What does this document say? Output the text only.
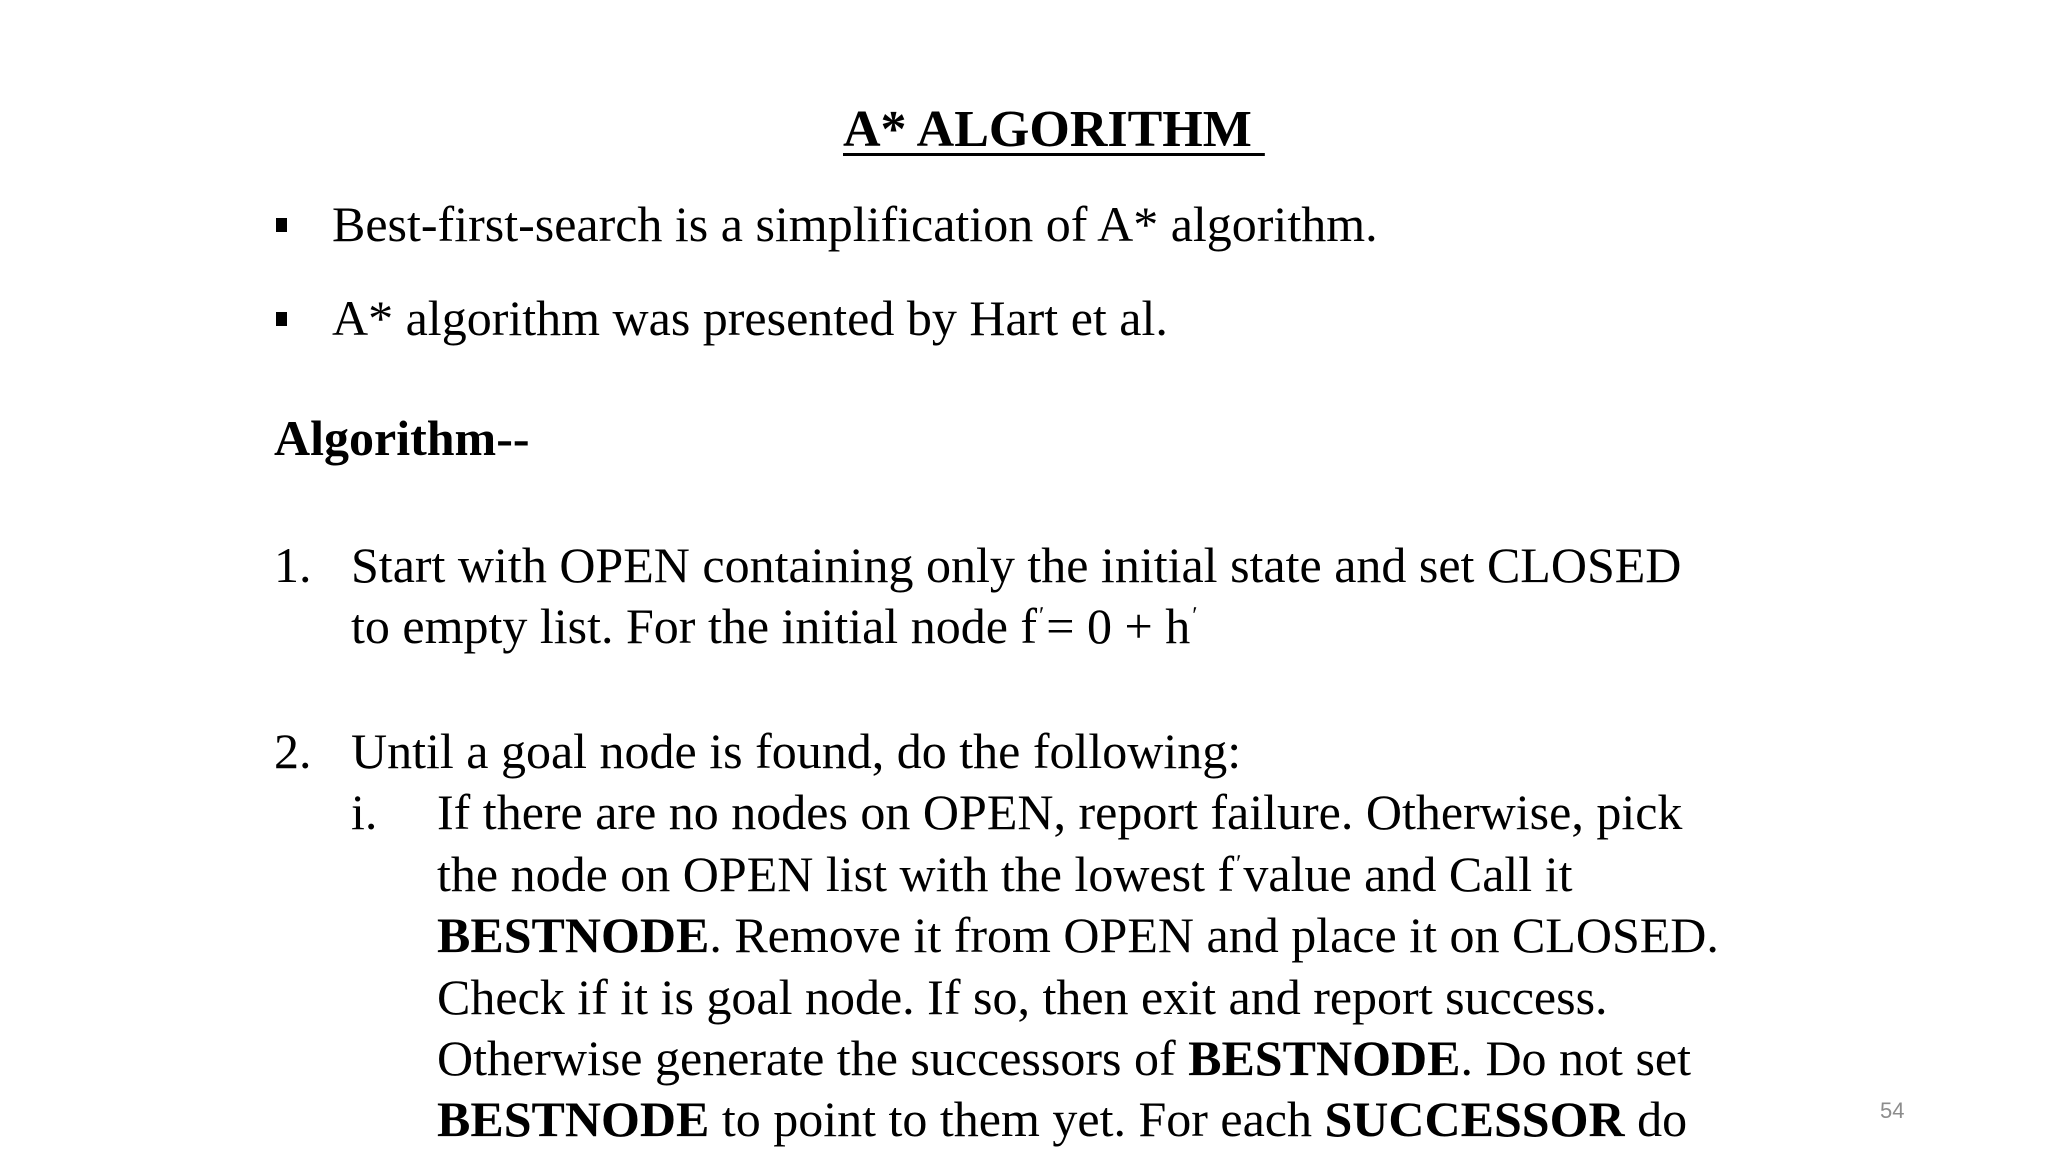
A* ALGORITHM
Best-first-search is a simplification of A* algorithm.
A* algorithm was presented by Hart et al.
Algorithm--
1. Start with OPEN containing only the initial state and set CLOSED
to empty list. For the initial node $f^ʹ= 0 + h^ʹ$
2. Until a goal node is found, do the following:
i. If there are no nodes on OPEN, report failure. Otherwise, pick
the node on OPEN list with the lowest $f^ʹvalue$ and Call it
BESTNODE. Remove it from OPEN and place it on CLOSED.
Check if it is goal node. If so, then exit and report success.
Otherwise generate the successors of BESTNODE. Do not set
BESTNODE to point to them yet. For each SUCCESSOR do	54
